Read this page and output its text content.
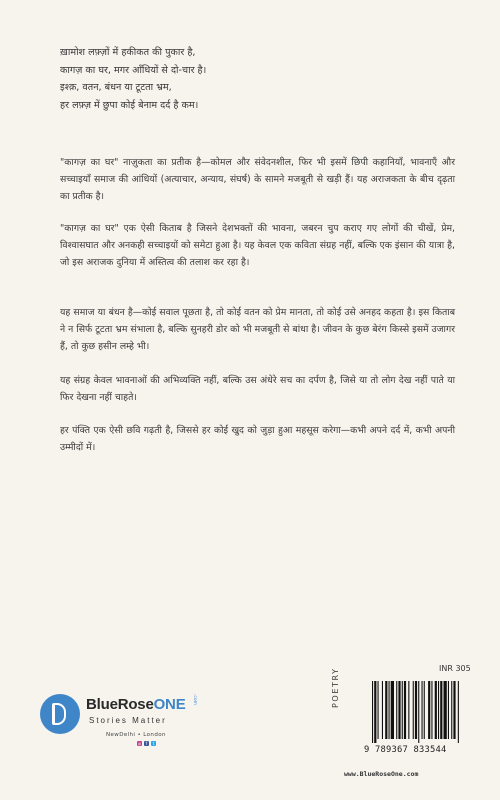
ख़ामोश लफ़्ज़ों में हकीकत की पुकार है,
कागज़ का घर, मगर आँधियों से दो-चार है।
इश्क़, वतन, बंधन या टूटता भ्रम,
हर लफ़्ज़ में छुपा कोई बेनाम दर्द है कम।
"कागज़ का घर" नाज़ुकता का प्रतीक है—कोमल और संवेदनशील, फिर भी इसमें छिपी कहानियाँ, भावनाएँ और सच्चाइयाँ समाज की आंधियों (अत्याचार, अन्याय, संघर्ष) के सामने मजबूती से खड़ी हैं। यह अराजकता के बीच दृढ़ता का प्रतीक है।
"कागज़ का घर" एक ऐसी किताब है जिसने देशभक्तों की भावना, जबरन चुप कराए गए लोगों की चीखें, प्रेम, विश्वासघात और अनकही सच्चाइयों को समेटा हुआ है। यह केवल एक कविता संग्रह नहीं, बल्कि एक इंसान की यात्रा है, जो इस अराजक दुनिया में अस्तित्व की तलाश कर रहा है।
यह समाज या बंधन है—कोई सवाल पूछता है, तो कोई वतन को प्रेम मानता, तो कोई उसे अनहद कहता है। इस किताब ने न सिर्फ टूटता भ्रम संभाला है, बल्कि सुनहरी डोर को भी मजबूती से बांधा है। जीवन के कुछ बेरंग किस्से इसमें उजागर हैं, तो कुछ हसीन लम्हे भी।
यह संग्रह केवल भावनाओं की अभिव्यक्ति नहीं, बल्कि उस अंधेरे सच का दर्पण है, जिसे या तो लोग देख नहीं पाते या फिर देखना नहीं चाहते।
हर पंक्ति एक ऐसी छवि गढ़ती है, जिससे हर कोई खुद को जुड़ा हुआ महसूस करेगा—कभी अपने दर्द में, कभी अपनी उम्मीदों में।
BlueRoseONE .com
Stories Matter
NewDelhi • London
◎	f	t
INR 305
POETRY
9 789367 833544
www.BlueRoseOne.com
